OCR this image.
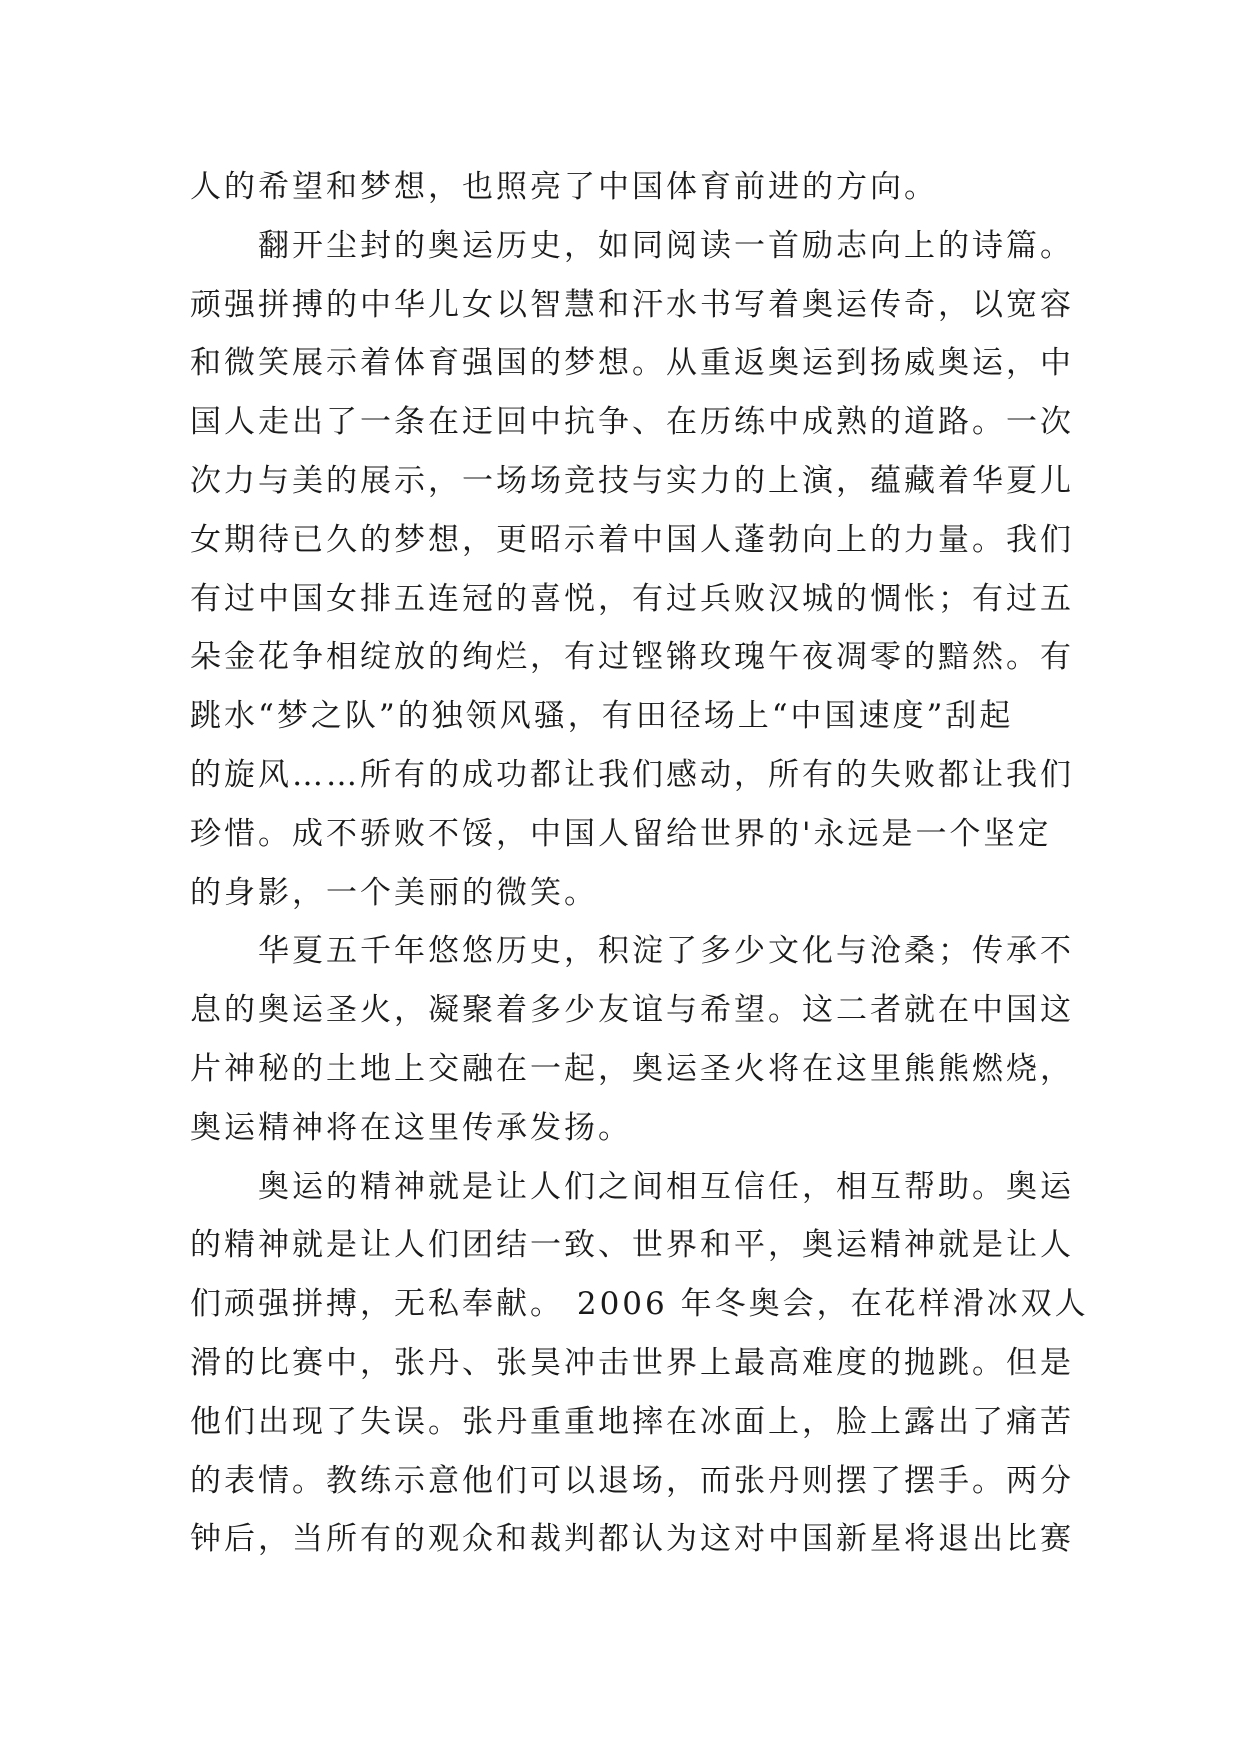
人的希望和梦想，也照亮了中国体育前进的方向。
翻开尘封的奥运历史，如同阅读一首励志向上的诗篇。
顽强拼搏的中华儿女以智慧和汗水书写着奥运传奇，以宽容
和微笑展示着体育强国的梦想。从重返奥运到扬威奥运，中
国人走出了一条在迂回中抗争、在历练中成熟的道路。一次
次力与美的展示，一场场竞技与实力的上演，蕴藏着华夏儿
女期待已久的梦想，更昭示着中国人蓬勃向上的力量。我们
有过中国女排五连冠的喜悦，有过兵败汉城的惆怅；有过五
朵金花争相绽放的绚烂，有过铿锵玫瑰午夜凋零的黯然。有
跳水“梦之队”的独领风骚，有田径场上“中国速度”刮起
的旋风……所有的成功都让我们感动，所有的失败都让我们
珍惜。成不骄败不馁，中国人留给世界的'永远是一个坚定
的身影，一个美丽的微笑。
华夏五千年悠悠历史，积淀了多少文化与沧桑；传承不
息的奥运圣火，凝聚着多少友谊与希望。这二者就在中国这
片神秘的土地上交融在一起，奥运圣火将在这里熊熊燃烧，
奥运精神将在这里传承发扬。
奥运的精神就是让人们之间相互信任，相互帮助。奥运
的精神就是让人们团结一致、世界和平，奥运精神就是让人
们顽强拼搏，无私奉献。 2006 年冬奥会，在花样滑冰双人
滑的比赛中，张丹、张昊冲击世界上最高难度的抛跳。但是
他们出现了失误。张丹重重地摔在冰面上，脸上露出了痛苦
的表情。教练示意他们可以退场，而张丹则摆了摆手。两分
钟后，当所有的观众和裁判都认为这对中国新星将退出比赛
